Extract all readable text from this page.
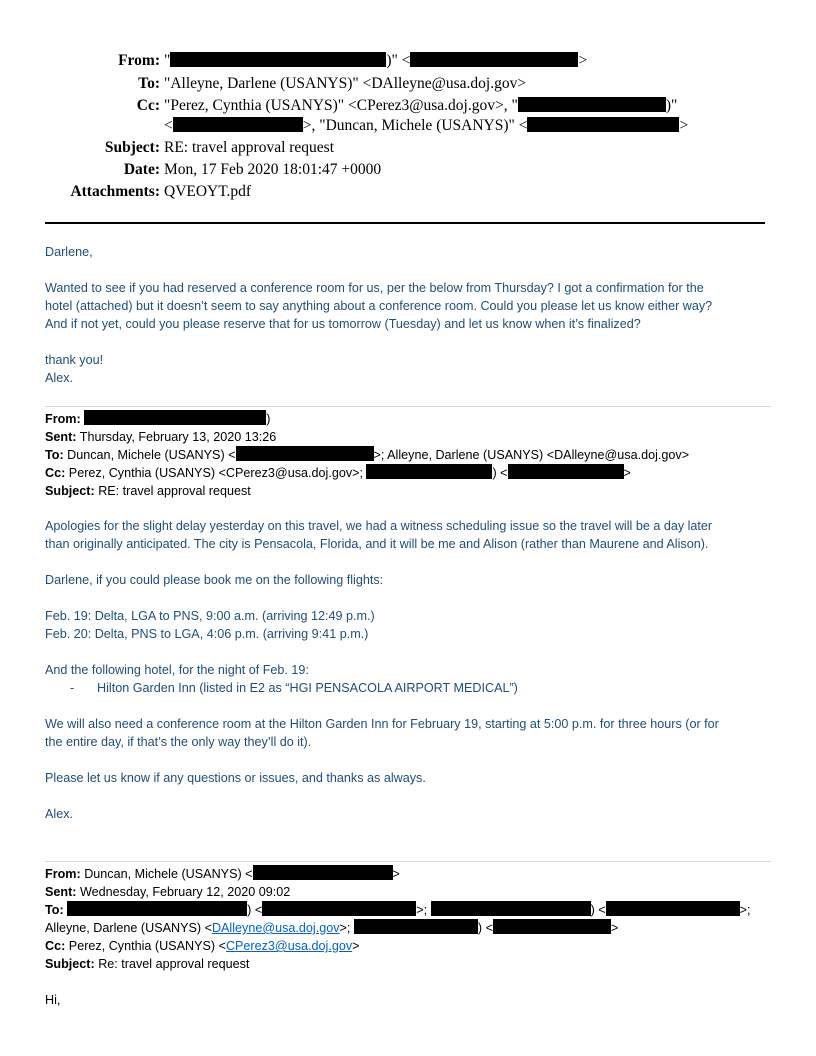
From: "	)" <	>
To: "Alleyne, Darlene (USANYS)" <DAlleyne@usa.doj.gov>
Cc: "Perez, Cynthia (USANYS)" <CPerez3@usa.doj.gov>, "	)"
<	>, "Duncan, Michele (USANYS)" <	>
Subject: RE: travel approval request
Date: Mon, 17 Feb 2020 18:01:47 +0000
Attachments: QVEOYT.pdf
Darlene,
Wanted to see if you had reserved a conference room for us, per the below from Thursday? I got a confirmation for the
hotel (attached) but it doesn’t seem to say anything about a conference room. Could you please let us know either way?
And if not yet, could you please reserve that for us tomorrow (Tuesday) and let us know when it’s finalized?
thank you!
Alex.
From:	)
Sent: Thursday, February 13, 2020 13:26
To: Duncan, Michele (USANYS) <	>; Alleyne, Darlene (USANYS) <DAlleyne@usa.doj.gov>
Cc: Perez, Cynthia (USANYS) <CPerez3@usa.doj.gov>;	) <	>
Subject: RE: travel approval request
Apologies for the slight delay yesterday on this travel, we had a witness scheduling issue so the travel will be a day later
than originally anticipated. The city is Pensacola, Florida, and it will be me and Alison (rather than Maurene and Alison).
Darlene, if you could please book me on the following flights:
Feb. 19: Delta, LGA to PNS, 9:00 a.m. (arriving 12:49 p.m.)
Feb. 20: Delta, PNS to LGA, 4:06 p.m. (arriving 9:41 p.m.)
And the following hotel, for the night of Feb. 19:
- Hilton Garden Inn (listed in E2 as “HGI PENSACOLA AIRPORT MEDICAL”)
We will also need a conference room at the Hilton Garden Inn for February 19, starting at 5:00 p.m. for three hours (or for
the entire day, if that’s the only way they’ll do it).
Please let us know if any questions or issues, and thanks as always.
Alex.
From: Duncan, Michele (USANYS) <	>
Sent: Wednesday, February 12, 2020 09:02
To:	) <	>;	) <	>;
Alleyne, Darlene (USANYS) <DAlleyne@usa.doj.gov>;	) <	>
Cc: Perez, Cynthia (USANYS) <CPerez3@usa.doj.gov>
Subject: Re: travel approval request
Hi,
